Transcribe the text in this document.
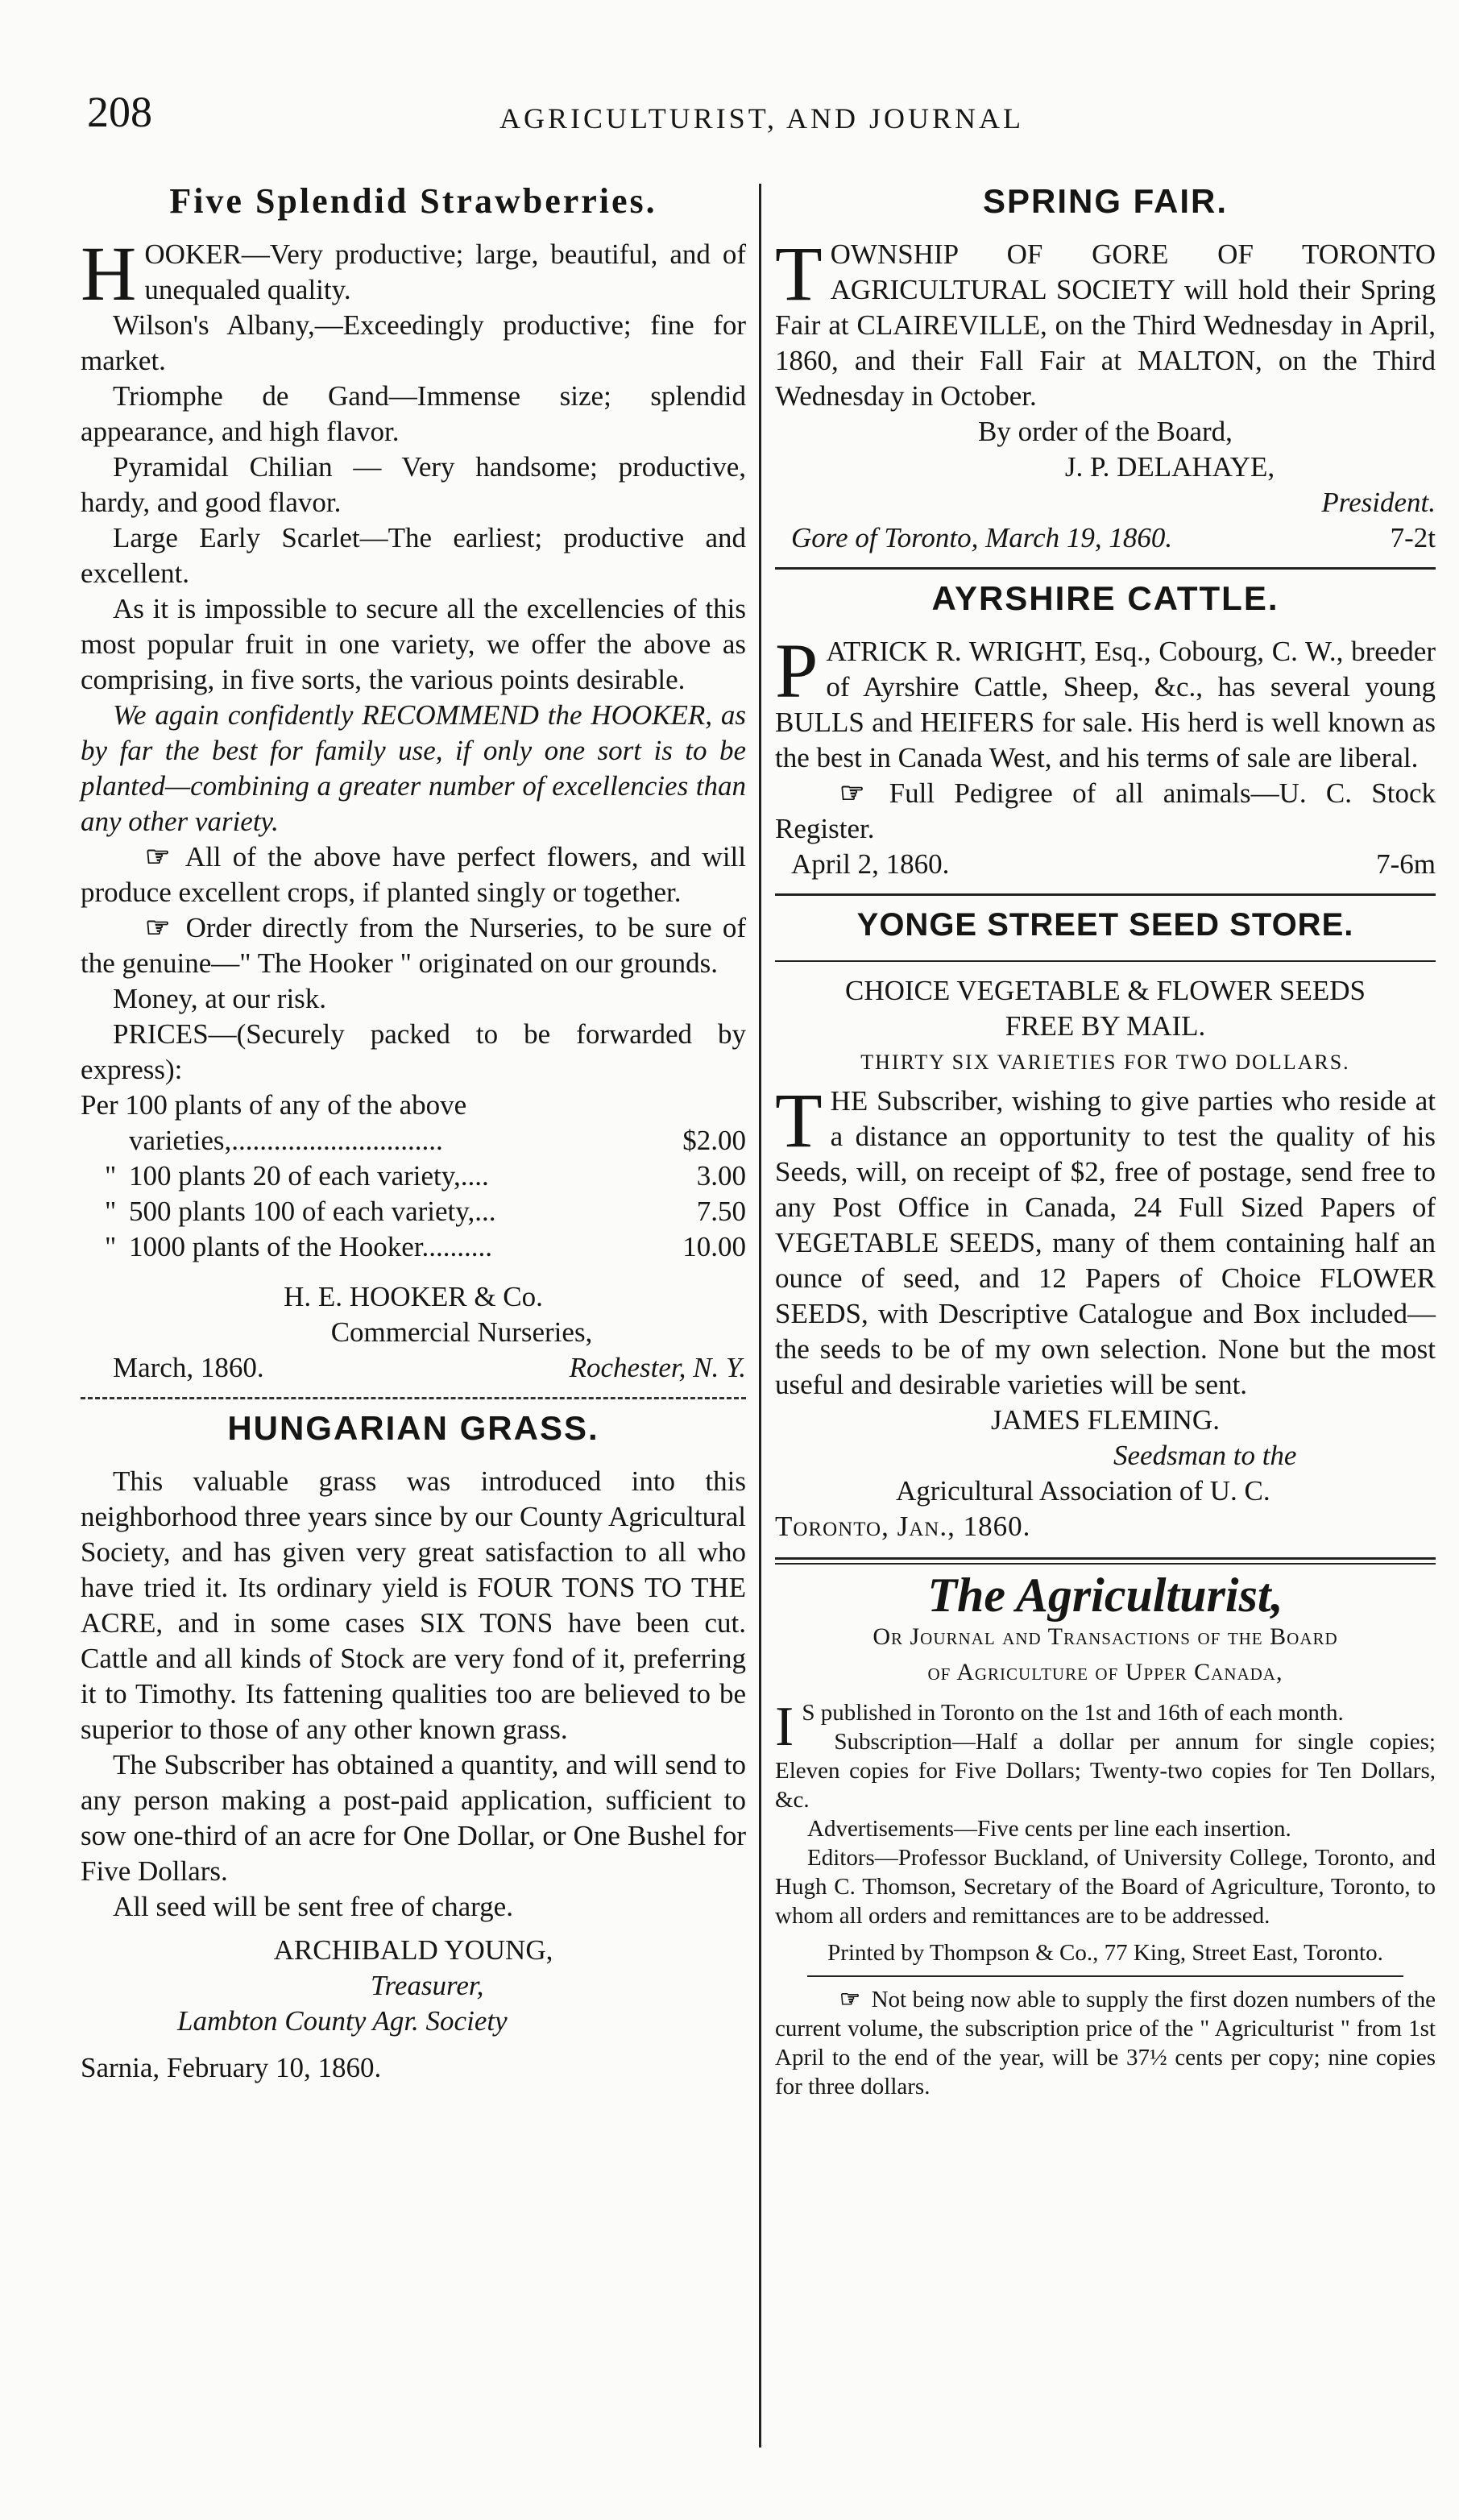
208	AGRICULTURIST, AND JOURNAL
Five Splendid Strawberries.

H OOKER—Very productive; large, beautiful, and of unequaled quality.

Wilson's Albany,—Exceedingly productive; fine for market.

Triomphe de Gand—Immense size; splendid appearance, and high flavor.

Pyramidal Chilian — Very handsome; productive, hardy, and good flavor.

Large Early Scarlet—The earliest; productive and excellent.

As it is impossible to secure all the excellencies of this most popular fruit in one variety, we offer the above as comprising, in five sorts, the various points desirable.

We again confidently RECOMMEND the HOOKER, as by far the best for family use, if only one sort is to be planted—combining a greater number of excellencies than any other variety.

☞ All of the above have perfect flowers, and will produce excellent crops, if planted singly or together.

☞ Order directly from the Nurseries, to be sure of the genuine—" The Hooker " originated on our grounds.

Money, at our risk.

PRICES—(Securely packed to be forwarded by express):

Per 100 plants of any of the above

varieties,..............................	$2.00
" 100 plants 20 of each variety,....	3.00
" 500 plants 100 of each variety,...	7.50
" 1000 plants of the Hooker..........	10.00

H. E. HOOKER & Co.

Commercial Nurseries,

March, 1860.	Rochester, N. Y.
HUNGARIAN GRASS.

This valuable grass was introduced into this neighborhood three years since by our County Agricultural Society, and has given very great satisfaction to all who have tried it. Its ordinary yield is FOUR TONS TO THE ACRE, and in some cases SIX TONS have been cut. Cattle and all kinds of Stock are very fond of it, preferring it to Timothy. Its fattening qualities too are believed to be superior to those of any other known grass.

The Subscriber has obtained a quantity, and will send to any person making a post-paid application, sufficient to sow one-third of an acre for One Dollar, or One Bushel for Five Dollars.

All seed will be sent free of charge.

ARCHIBALD YOUNG,

Treasurer,

Lambton County Agr. Society

Sarnia, February 10, 1860.

SPRING FAIR.

T OWNSHIP OF GORE OF TORONTO AGRICULTURAL SOCIETY will hold their Spring Fair at CLAIREVILLE, on the Third Wednesday in April, 1860, and their Fall Fair at MALTON, on the Third Wednesday in October.

By order of the Board,

J. P. DELAHAYE,

President.

Gore of Toronto, March 19, 1860.	7-2t
AYRSHIRE CATTLE.

P ATRICK R. WRIGHT, Esq., Cobourg, C. W., breeder of Ayrshire Cattle, Sheep, &c., has several young BULLS and HEIFERS for sale. His herd is well known as the best in Canada West, and his terms of sale are liberal.

☞ Full Pedigree of all animals—U. C. Stock Register.

April 2, 1860.	7-6m
YONGE STREET SEED STORE.

CHOICE VEGETABLE & FLOWER SEEDS

FREE BY MAIL.

THIRTY SIX VARIETIES FOR TWO DOLLARS.

T HE Subscriber, wishing to give parties who reside at a distance an opportunity to test the quality of his Seeds, will, on receipt of $2, free of postage, send free to any Post Office in Canada, 24 Full Sized Papers of VEGETABLE SEEDS, many of them containing half an ounce of seed, and 12 Papers of Choice FLOWER SEEDS, with Descriptive Catalogue and Box included—the seeds to be of my own selection. None but the most useful and desirable varieties will be sent.

JAMES FLEMING.

Seedsman to the

Agricultural Association of U. C.

Toronto, Jan., 1860.

The Agriculturist,

Or Journal and Transactions of the Board

of Agriculture of Upper Canada,

I S published in Toronto on the 1st and 16th of each month.

Subscription—Half a dollar per annum for single copies; Eleven copies for Five Dollars; Twenty-two copies for Ten Dollars, &c.

Advertisements—Five cents per line each insertion.

Editors—Professor Buckland, of University College, Toronto, and Hugh C. Thomson, Secretary of the Board of Agriculture, Toronto, to whom all orders and remittances are to be addressed.

Printed by Thompson & Co., 77 King, Street East, Toronto.

☞ Not being now able to supply the first dozen numbers of the current volume, the subscription price of the " Agriculturist " from 1st April to the end of the year, will be 37½ cents per copy; nine copies for three dollars.
